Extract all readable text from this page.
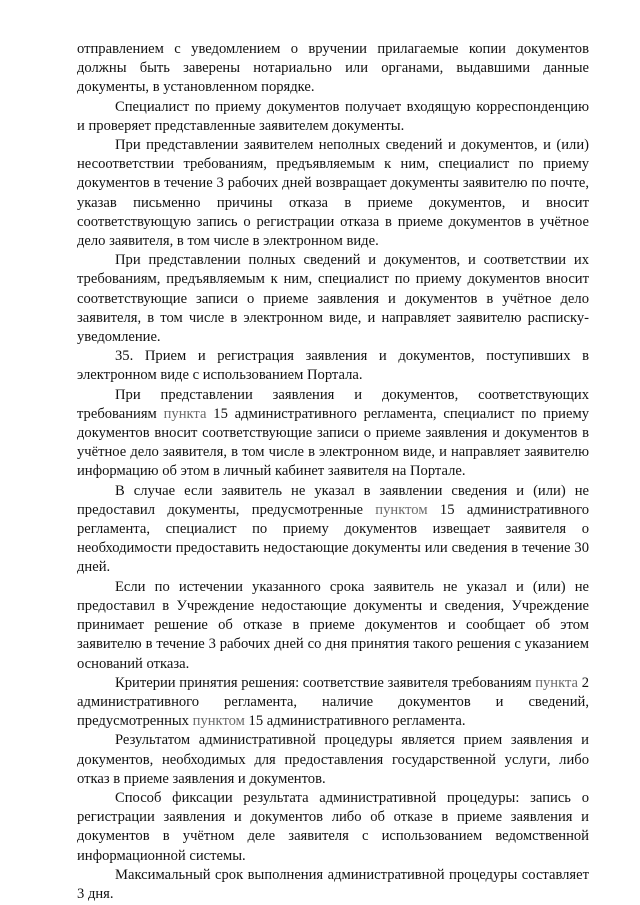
отправлением с уведомлением о вручении прилагаемые копии документов должны быть заверены нотариально или органами, выдавшими данные документы, в установленном порядке.

Специалист по приему документов получает входящую корреспонденцию и проверяет представленные заявителем документы.

При представлении заявителем неполных сведений и документов, и (или) несоответствии требованиям, предъявляемым к ним, специалист по приему документов в течение 3 рабочих дней возвращает документы заявителю по почте, указав письменно причины отказа в приеме документов, и вносит соответствующую запись о регистрации отказа в приеме документов в учётное дело заявителя, в том числе в электронном виде.

При представлении полных сведений и документов, и соответствии их требованиям, предъявляемым к ним, специалист по приему документов вносит соответствующие записи о приеме заявления и документов в учётное дело заявителя, в том числе в электронном виде, и направляет заявителю расписку-уведомление.

35. Прием и регистрация заявления и документов, поступивших в электронном виде с использованием Портала.

При представлении заявления и документов, соответствующих требованиям пункта 15 административного регламента, специалист по приему документов вносит соответствующие записи о приеме заявления и документов в учётное дело заявителя, в том числе в электронном виде, и направляет заявителю информацию об этом в личный кабинет заявителя на Портале.

В случае если заявитель не указал в заявлении сведения и (или) не предоставил документы, предусмотренные пунктом 15 административного регламента, специалист по приему документов извещает заявителя о необходимости предоставить недостающие документы или сведения в течение 30 дней.

Если по истечении указанного срока заявитель не указал и (или) не предоставил в Учреждение недостающие документы и сведения, Учреждение принимает решение об отказе в приеме документов и сообщает об этом заявителю в течение 3 рабочих дней со дня принятия такого решения с указанием оснований отказа.

Критерии принятия решения: соответствие заявителя требованиям пункта 2 административного регламента, наличие документов и сведений, предусмотренных пунктом 15 административного регламента.

Результатом административной процедуры является прием заявления и документов, необходимых для предоставления государственной услуги, либо отказ в приеме заявления и документов.

Способ фиксации результата административной процедуры: запись о регистрации заявления и документов либо об отказе в приеме заявления и документов в учётном деле заявителя с использованием ведомственной информационной системы.

Максимальный срок выполнения административной процедуры составляет 3 дня.
